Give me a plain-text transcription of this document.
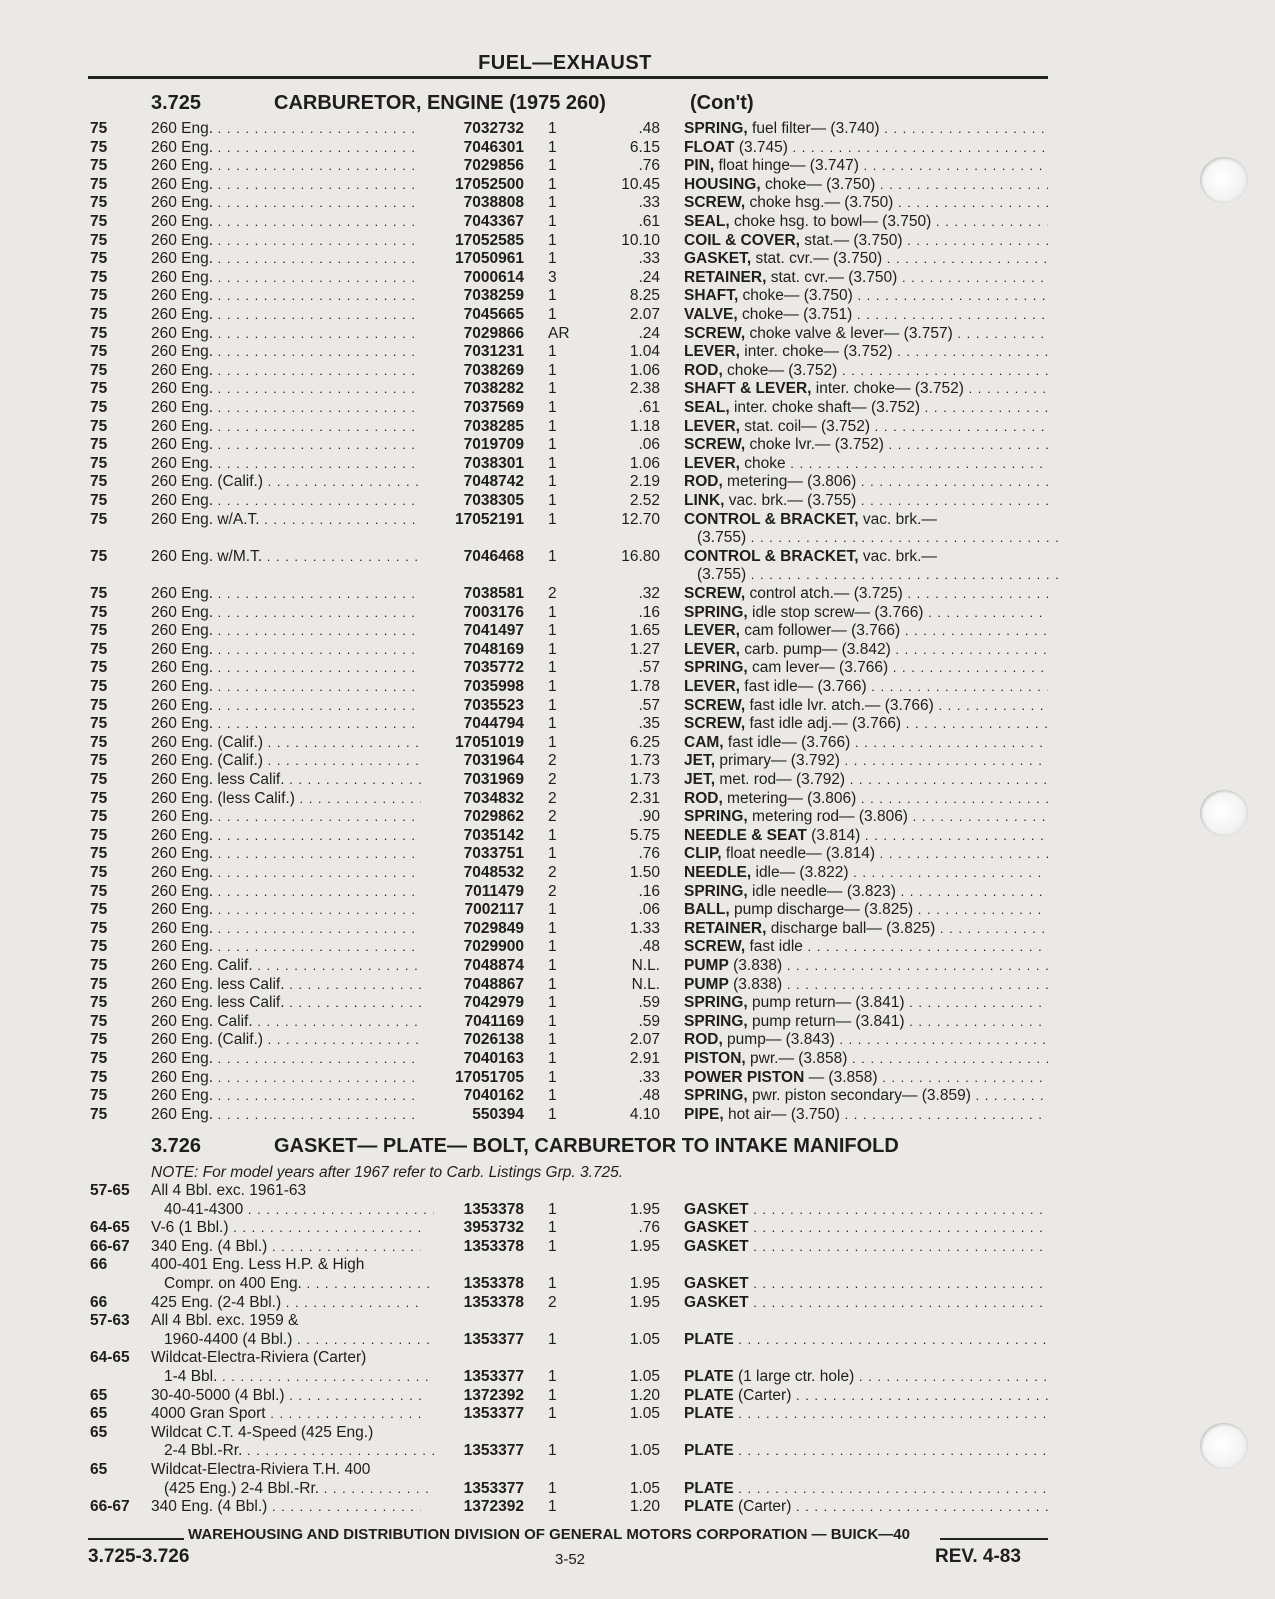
FUEL—EXHAUST
3.725	CARBURETOR, ENGINE (1975 260)	(Con't)
75	260 Eng. . . .	7032732 1	.48 SPRING, fuel filter— (3.740) . . .
75	260 Eng. . . .	7046301 1	6.15 FLOAT (3.745) . . .
75	260 Eng. . . .	7029856 1	.76 PIN, float hinge— (3.747) . . .
75	260 Eng. . . .	17052500 1	10.45 HOUSING, choke— (3.750) . . .
75	260 Eng. . . .	7038808 1	.33 SCREW, choke hsg.— (3.750) . . .
75	260 Eng. . . .	7043367 1	.61 SEAL, choke hsg. to bowl— (3.750) . . .
75	260 Eng. . . .	17052585 1	10.10 COIL & COVER, stat.— (3.750) . . .
75	260 Eng. . . .	17050961 1	.33 GASKET, stat. cvr.— (3.750) . . .
75	260 Eng. . . .	7000614 3	.24 RETAINER, stat. cvr.— (3.750) . . .
75	260 Eng. . . .	7038259 1	8.25 SHAFT, choke— (3.750) . . .
75	260 Eng. . . .	7045665 1	2.07 VALVE, choke— (3.751) . . .
75	260 Eng. . . .	7029866 AR	.24 SCREW, choke valve & lever— (3.757) . . .
75	260 Eng. . . .	7031231 1	1.04 LEVER, inter. choke— (3.752) . . .
75	260 Eng. . . .	7038269 1	1.06 ROD, choke— (3.752) . . .
75	260 Eng. . . .	7038282 1	2.38 SHAFT & LEVER, inter. choke— (3.752) . . .
75	260 Eng. . . .	7037569 1	.61 SEAL, inter. choke shaft— (3.752) . . .
75	260 Eng. . . .	7038285 1	1.18 LEVER, stat. coil— (3.752) . . .
75	260 Eng. . . .	7019709 1	.06 SCREW, choke lvr.— (3.752) . . .
75	260 Eng. . . .	7038301 1	1.06 LEVER, choke . . .
75	260 Eng. (Calif.) . . .	7048742 1	2.19 ROD, metering— (3.806) . . .
75	260 Eng. . . .	7038305 1	2.52 LINK, vac. brk.— (3.755) . . .
75	260 Eng. w/A.T. . . .	17052191 1	12.70 CONTROL & BRACKET, vac. brk.—
(3.755) . . .
75	260 Eng. w/M.T. . . .	7046468 1	16.80 CONTROL & BRACKET, vac. brk.—
(3.755) . . .
75	260 Eng. . . .	7038581 2	.32 SCREW, control atch.— (3.725) . . .
75	260 Eng. . . .	7003176 1	.16 SPRING, idle stop screw— (3.766) . . .
75	260 Eng. . . .	7041497 1	1.65 LEVER, cam follower— (3.766) . . .
75	260 Eng. . . .	7048169 1	1.27 LEVER, carb. pump— (3.842) . . .
75	260 Eng. . . .	7035772 1	.57 SPRING, cam lever— (3.766) . . .
75	260 Eng. . . .	7035998 1	1.78 LEVER, fast idle— (3.766) . . .
75	260 Eng. . . .	7035523 1	.57 SCREW, fast idle lvr. atch.— (3.766) . . .
75	260 Eng. . . .	7044794 1	.35 SCREW, fast idle adj.— (3.766) . . .
75	260 Eng. (Calif.) . . .	17051019 1	6.25 CAM, fast idle— (3.766) . . .
75	260 Eng. (Calif.) . . .	7031964 2	1.73 JET, primary— (3.792) . . .
75	260 Eng. less Calif. . . .	7031969 2	1.73 JET, met. rod— (3.792) . . .
75	260 Eng. (less Calif.) . . .	7034832 2	2.31 ROD, metering— (3.806) . . .
75	260 Eng. . . .	7029862 2	.90 SPRING, metering rod— (3.806) . . .
75	260 Eng. . . .	7035142 1	5.75 NEEDLE & SEAT (3.814) . . .
75	260 Eng. . . .	7033751 1	.76 CLIP, float needle— (3.814) . . .
75	260 Eng. . . .	7048532 2	1.50 NEEDLE, idle— (3.822) . . .
75	260 Eng. . . .	7011479 2	.16 SPRING, idle needle— (3.823) . . .
75	260 Eng. . . .	7002117 1	.06 BALL, pump discharge— (3.825) . . .
75	260 Eng. . . .	7029849 1	1.33 RETAINER, discharge ball— (3.825) . . .
75	260 Eng. . . .	7029900 1	.48 SCREW, fast idle . . .
75	260 Eng. Calif. . . .	7048874 1	N.L. PUMP (3.838) . . .
75	260 Eng. less Calif. . . .	7048867 1	N.L. PUMP (3.838) . . .
75	260 Eng. less Calif. . . .	7042979 1	.59 SPRING, pump return— (3.841) . . .
75	260 Eng. Calif. . . .	7041169 1	.59 SPRING, pump return— (3.841) . . .
75	260 Eng. (Calif.) . . .	7026138 1	2.07 ROD, pump— (3.843) . . .
75	260 Eng. . . .	7040163 1	2.91 PISTON, pwr.— (3.858) . . .
75	260 Eng. . . .	17051705 1	.33 POWER PISTON — (3.858) . . .
75	260 Eng. . . .	7040162 1	.48 SPRING, pwr. piston secondary— (3.859) . . .
75	260 Eng. . . .	550394 1	4.10 PIPE, hot air— (3.750) . . .
3.726	GASKET— PLATE— BOLT, CARBURETOR TO INTAKE MANIFOLD
NOTE: For model years after 1967 refer to Carb. Listings Grp. 3.725.
57-65 All 4 Bbl. exc. 1961-63
40-41-4300 . . .	1353378 1	1.95 GASKET . . .
64-65 V-6 (1 Bbl.) . . .	3953732 1	.76 GASKET . . .
66-67 340 Eng. (4 Bbl.) . . .	1353378 1	1.95 GASKET . . .
66	400-401 Eng. Less H.P. & High
Compr. on 400 Eng. . . .	1353378 1	1.95 GASKET . . .
66	425 Eng. (2-4 Bbl.) . . .	1353378 2	1.95 GASKET . . .
57-63 All 4 Bbl. exc. 1959 &
1960-4400 (4 Bbl.) . . .	1353377 1	1.05 PLATE . . .
64-65 Wildcat-Electra-Riviera (Carter)
1-4 Bbl. . . .	1353377 1	1.05 PLATE (1 large ctr. hole) . . .
65	30-40-5000 (4 Bbl.) . . .	1372392 1	1.20 PLATE (Carter) . . .
65	4000 Gran Sport . . .	1353377 1	1.05 PLATE . . .
65	Wildcat C.T. 4-Speed (425 Eng.)
2-4 Bbl.-Rr. . . .	1353377 1	1.05 PLATE . . .
65	Wildcat-Electra-Riviera T.H. 400
(425 Eng.) 2-4 Bbl.-Rr. . . .	1353377 1	1.05 PLATE . . .
66-67 340 Eng. (4 Bbl.) . . .	1372392 1	1.20 PLATE (Carter) . . .
WAREHOUSING AND DISTRIBUTION DIVISION OF GENERAL MOTORS CORPORATION — BUICK—40
3.725-3.726	3-52	REV. 4-83
